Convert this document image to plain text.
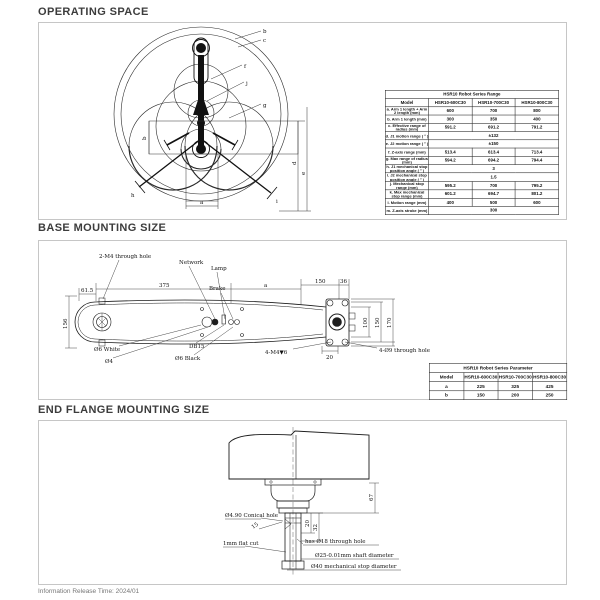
OPERATING SPACE
b
c
f
j
g
h
i
a
d
e
b
HSR10 Robot Series Range			
Model	HSR10-600C30	HSR10-700C30	HSR10-800C30
a. Arm 1 length + Arm 2 length (mm)	600	700	800
b. Arm 1 length (mm)	300	350	400
c. Effective range of radius (mm)	591.2	691.2	791.2
d. J1 motion range ( ° )	±132		
e. J2 motion range ( ° )	±150		
f. Z-axis range (mm)	513.4	613.4	713.4
g. Max range of radius (mm)	594.2	694.2	794.4
h. J1 mechanical stop position angle ( ° )	3		
i. J2 mechanical stop position angle ( ° )	1.5		
j. Mechanical stop range (mm)	595.2	700	795.2
k. Max mechanical stop range (mm)	601.2	694.7	801.2
l. Motion range (mm)	400	500	600
m. Z-axis stroke (mm)	300		
BASE MOUNTING SIZE
2-M4 through hole
Network
Lamp
Brake
Ø6 White
Ø4
DB15
Ø6 Black
4-M4▼6	4-Ø9 through hole
61.5
375	a
150	36
156	100 150 170
20
HSR10 Robot Series Parameter			
Model	HSR10-600C30	HSR10-700C30	HSR10-800C30
a	225	325	425
b	150	200	250
END FLANGE MOUNTING SIZE
Ø4.90 Conical hole
1mm flat cut	has Ø18 through hole
Ø25-0.01mm shaft diameter
Ø40 mechanical stop diameter
67
20
32
15
Information Release Time: 2024/01
